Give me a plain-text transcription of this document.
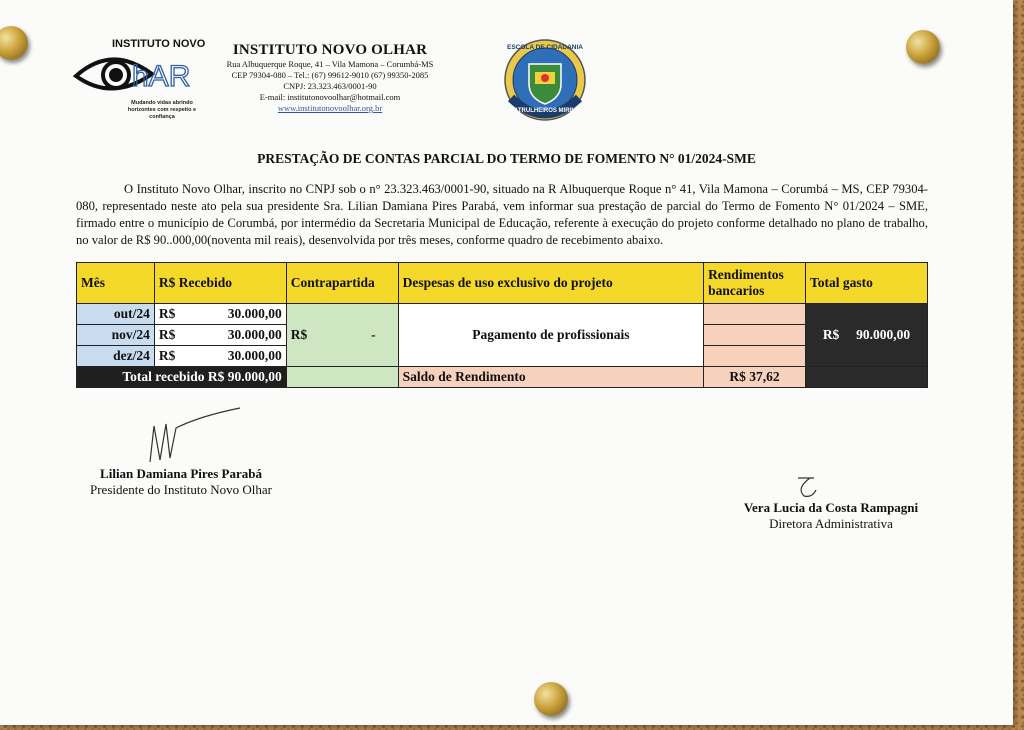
INSTITUTO NOVO
hAR
Mudando vidas abrindo horizontes com respeito e confiança
INSTITUTO NOVO OLHAR
Rua Albuquerque Roque, 41 – Vila Mamona – Corumbá-MS
CEP 79304-080 – Tel.: (67) 99612-9010 (67) 99350-2085
CNPJ: 23.323.463/0001-90
E-mail: institutonovoolhar@hotmail.com
www.institutonovoolhar.org.br
ESCOLA DE CIDADANIA
PATRULHEIROS MIRINS
PRESTAÇÃO DE CONTAS PARCIAL DO TERMO DE FOMENTO N° 01/2024-SME
O Instituto Novo Olhar, inscrito no CNPJ sob o n° 23.323.463/0001-90, situado na R Albuquerque Roque n° 41, Vila Mamona – Corumbá – MS, CEP 79304-080, representado neste ato pela sua presidente Sra. Lilian Damiana Pires Parabá, vem informar sua prestação de parcial do Termo de Fomento N° 01/2024 – SME, firmado entre o município de Corumbá, por intermédio da Secretaria Municipal de Educação, referente à execução do projeto conforme detalhado no plano de trabalho, no valor de R$ 90..000,00(noventa mil reais), desenvolvida por três meses, conforme quadro de recebimento abaixo.
Mês	R$ Recebido	Contrapartida	Despesas de uso exclusivo do projeto	Rendimentos bancarios	Total gasto
out/24	R$ 30.000,00	R$ -	Pagamento de profissionais		R$     90.000,00
nov/24	R$ 30.000,00				

dez/24	R$ 30.000,00				

Total recebido R$ 90.000,00			Saldo de Rendimento	R$ 37,62	
Lilian Damiana Pires Parabá
Presidente do Instituto Novo Olhar
Vera Lucia da Costa Rampagni
Diretora Administrativa
